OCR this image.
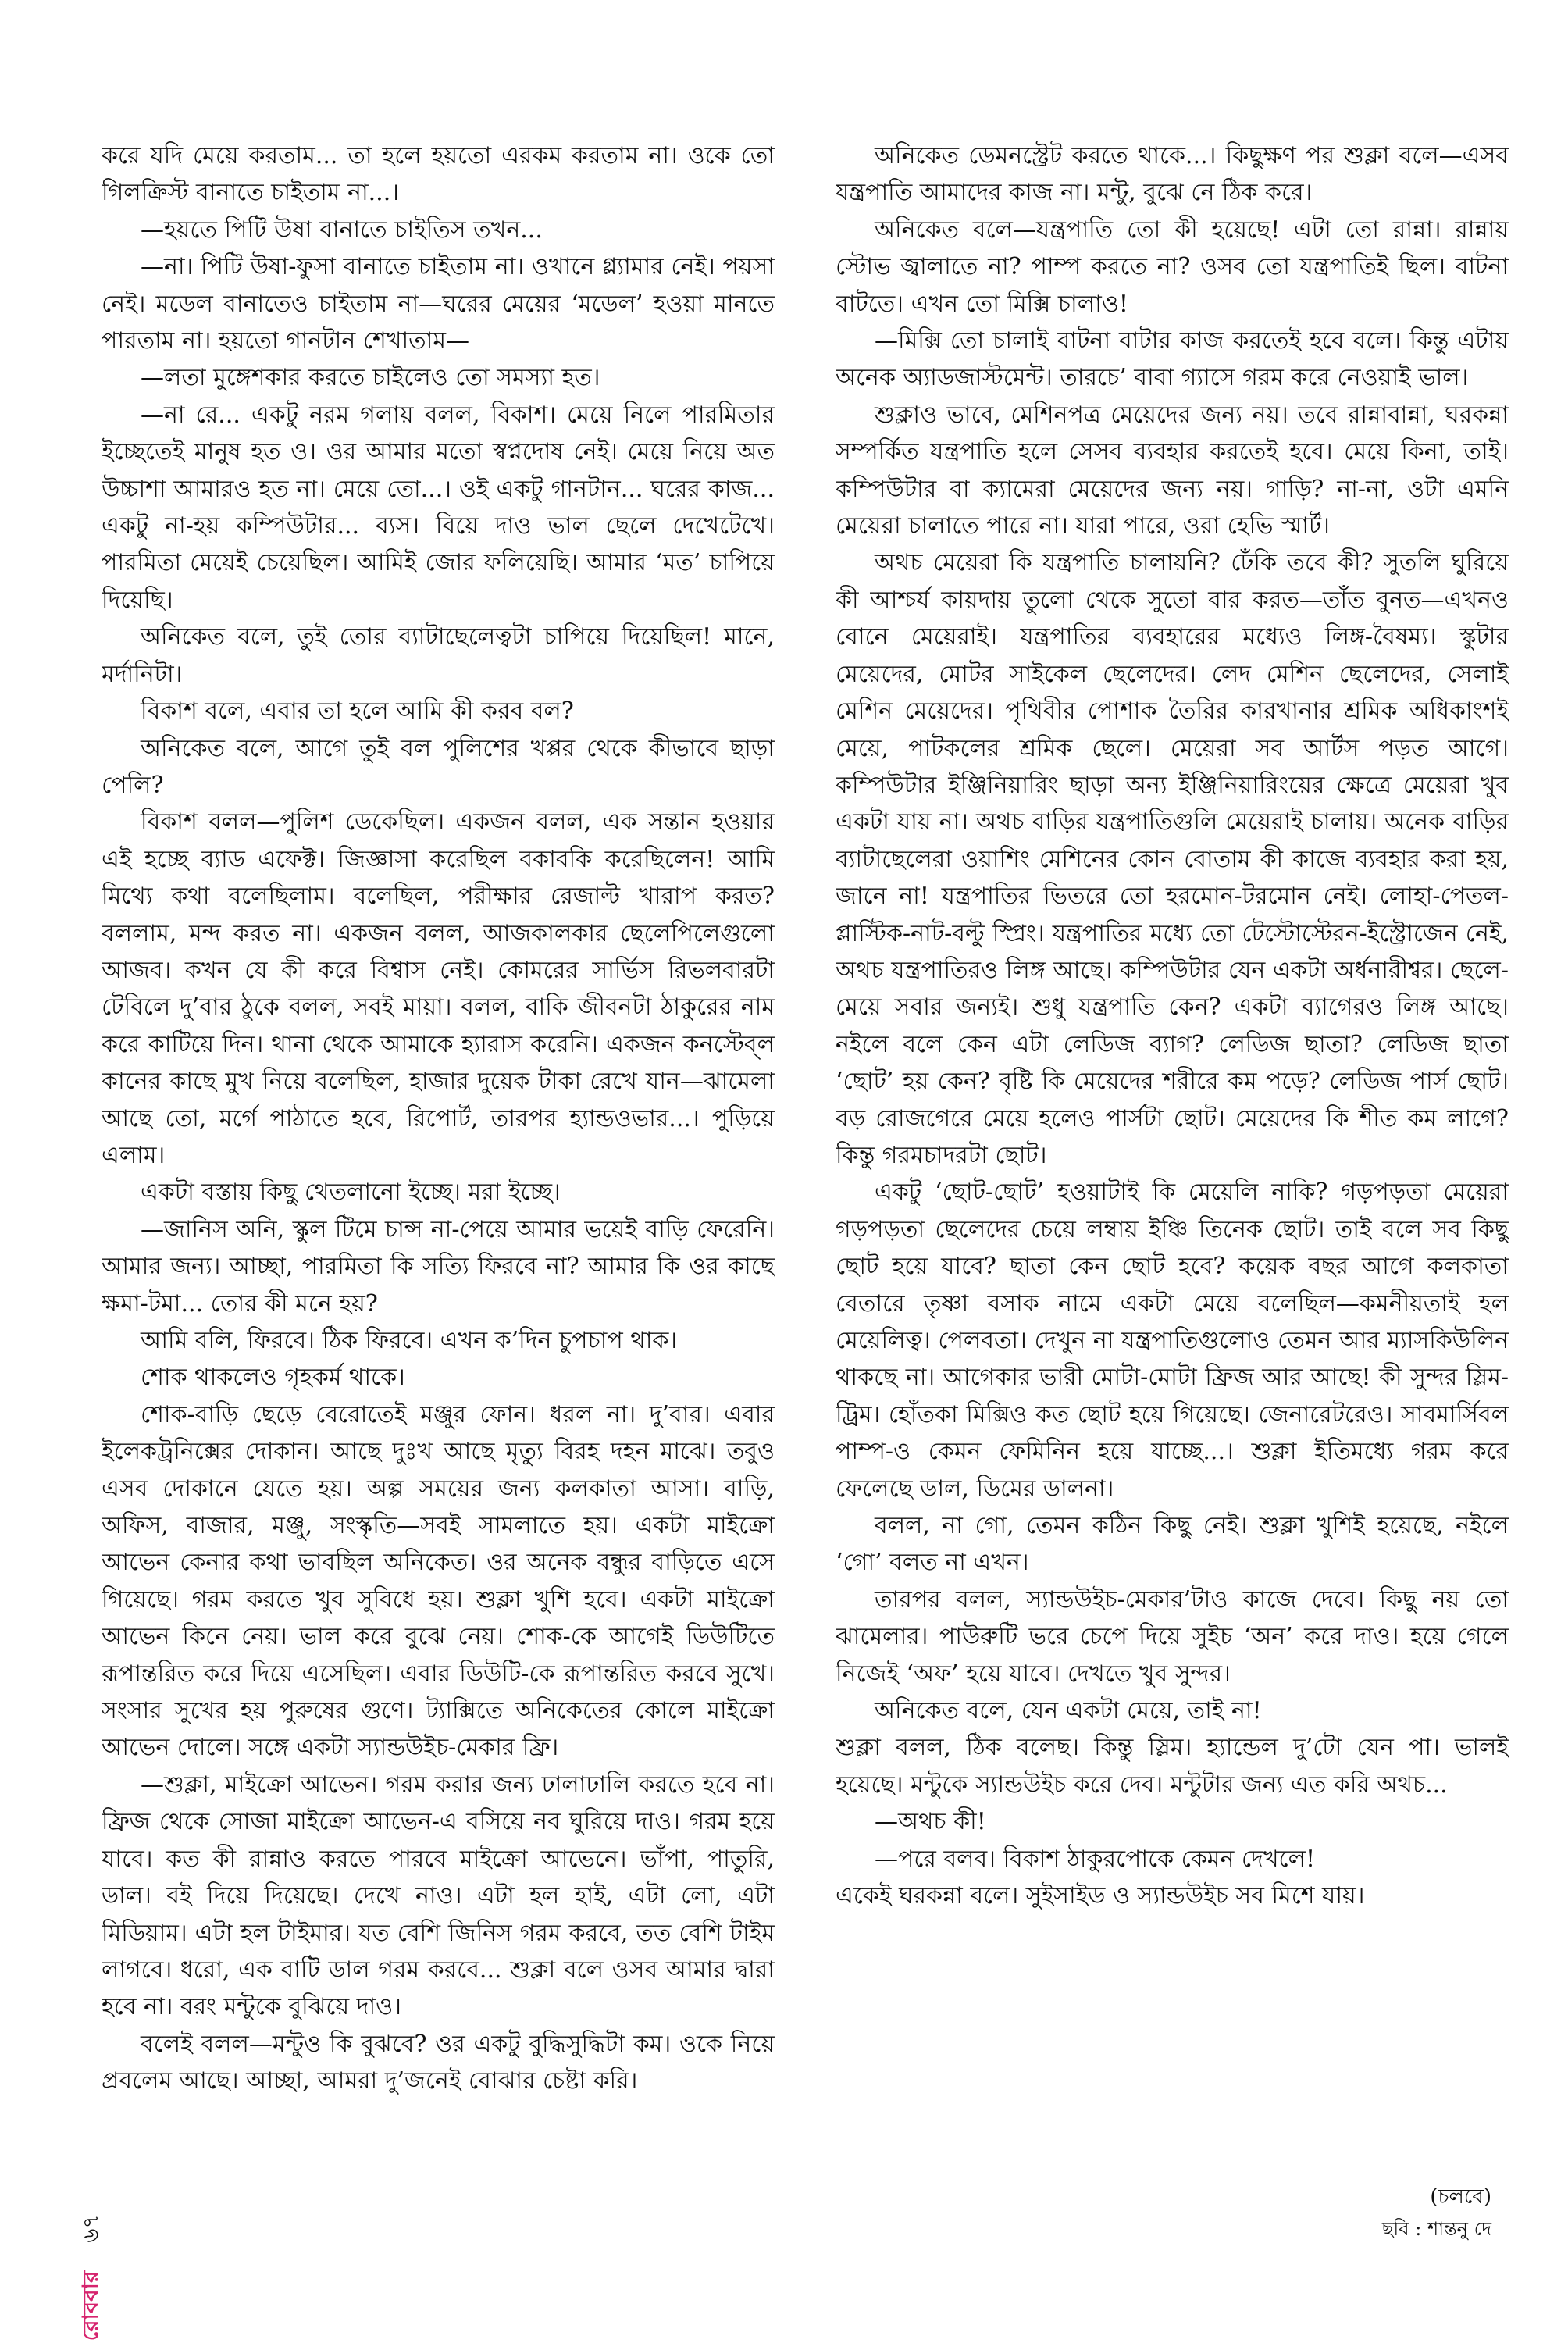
করে যদি মেয়ে করতাম... তা হলে হয়তো এরকম করতাম না। ওকে তো গিলক্রিস্ট বানাতে চাইতাম না...।

—হয়তে পিটি উষা বানাতে চাইতিস তখন...

—না। পিটি উষা-ফুসা বানাতে চাইতাম না। ওখানে গ্ল্যামার নেই। পয়সা নেই। মডেল বানাতেও চাইতাম না—ঘরের মেয়ের ‘মডেল’ হওয়া মানতে পারতাম না। হয়তো গানটান শেখাতাম—

—লতা মুঙ্গেশকার করতে চাইলেও তো সমস্যা হত।

—না রে... একটু নরম গলায় বলল, বিকাশ। মেয়ে নিলে পারমিতার ইচ্ছেতেই মানুষ হত ও। ওর আমার মতো স্বপ্নদোষ নেই। মেয়ে নিয়ে অত উচ্চাশা আমারও হত না। মেয়ে তো...। ওই একটু গানটান... ঘরের কাজ... একটু না-হয় কম্পিউটার... ব্যস। বিয়ে দাও ভাল ছেলে দেখেটেখে। পারমিতা মেয়েই চেয়েছিল। আমিই জোর ফলিয়েছি। আমার ‘মত’ চাপিয়ে দিয়েছি।

অনিকেত বলে, তুই তোর ব্যাটাছেলেত্বটা চাপিয়ে দিয়েছিল! মানে, মর্দানিটা।

বিকাশ বলে, এবার তা হলে আমি কী করব বল?

অনিকেত বলে, আগে তুই বল পুলিশের খপ্পর থেকে কীভাবে ছাড়া পেলি?

বিকাশ বলল—পুলিশ ডেকেছিল। একজন বলল, এক সন্তান হওয়ার এই হচ্ছে ব্যাড এফেক্ট। জিজ্ঞাসা করেছিল বকাবকি করেছিলেন! আমি মিথ্যে কথা বলেছিলাম। বলেছিল, পরীক্ষার রেজাল্ট খারাপ করত? বললাম, মন্দ করত না। একজন বলল, আজকালকার ছেলেপিলেগুলো আজব। কখন যে কী করে বিশ্বাস নেই। কোমরের সার্ভিস রিভলবারটা টেবিলে দু’বার ঠুকে বলল, সবই মায়া। বলল, বাকি জীবনটা ঠাকুরের নাম করে কাটিয়ে দিন। থানা থেকে আমাকে হ্যারাস করেনি। একজন কনস্টেব্‌ল কানের কাছে মুখ নিয়ে বলেছিল, হাজার দুয়েক টাকা রেখে যান—ঝামেলা আছে তো, মর্গে পাঠাতে হবে, রিপোর্ট, তারপর হ্যান্ডওভার...। পুড়িয়ে এলাম।

একটা বস্তায় কিছু থেতলানো ইচ্ছে। মরা ইচ্ছে।

—জানিস অনি, স্কুল টিমে চান্স না-পেয়ে আমার ভয়েই বাড়ি ফেরেনি। আমার জন্য। আচ্ছা, পারমিতা কি সত্যি ফিরবে না? আমার কি ওর কাছে ক্ষমা-টমা... তোর কী মনে হয়?

আমি বলি, ফিরবে। ঠিক ফিরবে। এখন ক’দিন চুপচাপ থাক।

শোক থাকলেও গৃহকর্ম থাকে।

শোক-বাড়ি ছেড়ে বেরোতেই মঞ্জুর ফোন। ধরল না। দু’বার। এবার ইলেকট্রনিক্সের দোকান। আছে দুঃখ আছে মৃত্যু বিরহ দহন মাঝে। তবুও এসব দোকানে যেতে হয়। অল্প সময়ের জন্য কলকাতা আসা। বাড়ি, অফিস, বাজার, মঞ্জু, সংস্কৃতি—সবই সামলাতে হয়। একটা মাইক্রো আভেন কেনার কথা ভাবছিল অনিকেত। ওর অনেক বন্ধুর বাড়িতে এসে গিয়েছে। গরম করতে খুব সুবিধে হয়। শুক্লা খুশি হবে। একটা মাইক্রো আভেন কিনে নেয়। ভাল করে বুঝে নেয়। শোক-কে আগেই ডিউটিতে রূপান্তরিত করে দিয়ে এসেছিল। এবার ডিউটি-কে রূপান্তরিত করবে সুখে। সংসার সুখের হয় পুরুষের গুণে। ট্যাক্সিতে অনিকেতের কোলে মাইক্রো আভেন দোলে। সঙ্গে একটা স্যান্ডউইচ-মেকার ফ্রি।

—শুক্লা, মাইক্রো আভেন। গরম করার জন্য ঢালাঢালি করতে হবে না। ফ্রিজ থেকে সোজা মাইক্রো আভেন-এ বসিয়ে নব ঘুরিয়ে দাও। গরম হয়ে যাবে। কত কী রান্নাও করতে পারবে মাইক্রো আভেনে। ভাঁপা, পাতুরি, ডাল। বই দিয়ে দিয়েছে। দেখে নাও। এটা হল হাই, এটা লো, এটা মিডিয়াম। এটা হল টাইমার। যত বেশি জিনিস গরম করবে, তত বেশি টাইম লাগবে। ধরো, এক বাটি ডাল গরম করবে... শুক্লা বলে ওসব আমার দ্বারা হবে না। বরং মন্টুকে বুঝিয়ে দাও।

বলেই বলল—মন্টুও কি বুঝবে? ওর একটু বুদ্ধিসুদ্ধিটা কম। ওকে নিয়ে প্রবলেম আছে। আচ্ছা, আমরা দু’জনেই বোঝার চেষ্টা করি।

অনিকেত ডেমনস্ট্রেট করতে থাকে...। কিছুক্ষণ পর শুক্লা বলে—এসব যন্ত্রপাতি আমাদের কাজ না। মন্টু, বুঝে নে ঠিক করে।

অনিকেত বলে—যন্ত্রপাতি তো কী হয়েছে! এটা তো রান্না। রান্নায় স্টোভ জ্বালাতে না? পাম্প করতে না? ওসব তো যন্ত্রপাতিই ছিল। বাটনা বাটতে। এখন তো মিক্সি চালাও!

—মিক্সি তো চালাই বাটনা বাটার কাজ করতেই হবে বলে। কিন্তু এটায় অনেক অ্যাডজাস্টমেন্ট। তারচে’ বাবা গ্যাসে গরম করে নেওয়াই ভাল।

শুক্লাও ভাবে, মেশিনপত্র মেয়েদের জন্য নয়। তবে রান্নাবান্না, ঘরকন্না সম্পর্কিত যন্ত্রপাতি হলে সেসব ব্যবহার করতেই হবে। মেয়ে কিনা, তাই। কম্পিউটার বা ক্যামেরা মেয়েদের জন্য নয়। গাড়ি? না-না, ওটা এমনি মেয়েরা চালাতে পারে না। যারা পারে, ওরা হেভি স্মার্ট।

অথচ মেয়েরা কি যন্ত্রপাতি চালায়নি? ঢেঁকি তবে কী? সুতলি ঘুরিয়ে কী আশ্চর্য কায়দায় তুলো থেকে সুতো বার করত—তাঁত বুনত—এখনও বোনে মেয়েরাই। যন্ত্রপাতির ব্যবহারের মধ্যেও লিঙ্গ-বৈষম্য। স্কুটার মেয়েদের, মোটর সাইকেল ছেলেদের। লেদ মেশিন ছেলেদের, সেলাই মেশিন মেয়েদের। পৃথিবীর পোশাক তৈরির কারখানার শ্রমিক অধিকাংশই মেয়ে, পাটকলের শ্রমিক ছেলে। মেয়েরা সব আর্টস পড়ত আগে। কম্পিউটার ইঞ্জিনিয়ারিং ছাড়া অন্য ইঞ্জিনিয়ারিংয়ের ক্ষেত্রে মেয়েরা খুব একটা যায় না। অথচ বাড়ির যন্ত্রপাতিগুলি মেয়েরাই চালায়। অনেক বাড়ির ব্যাটাছেলেরা ওয়াশিং মেশিনের কোন বোতাম কী কাজে ব্যবহার করা হয়, জানে না! যন্ত্রপাতির ভিতরে তো হরমোন-টরমোন নেই। লোহা-পেতল-প্লাস্টিক-নাট-বল্টু স্প্রিং। যন্ত্রপাতির মধ্যে তো টেস্টোস্টেরন-ইস্ট্রোজেন নেই, অথচ যন্ত্রপাতিরও লিঙ্গ আছে। কম্পিউটার যেন একটা অর্ধনারীশ্বর। ছেলে-মেয়ে সবার জন্যই। শুধু যন্ত্রপাতি কেন? একটা ব্যাগেরও লিঙ্গ আছে। নইলে বলে কেন এটা লেডিজ ব্যাগ? লেডিজ ছাতা? লেডিজ ছাতা ‘ছোট’ হয় কেন? বৃষ্টি কি মেয়েদের শরীরে কম পড়ে? লেডিজ পার্স ছোট। বড় রোজগেরে মেয়ে হলেও পার্সটা ছোট। মেয়েদের কি শীত কম লাগে? কিন্তু গরমচাদরটা ছোট।

একটু ‘ছোট-ছোট’ হওয়াটাই কি মেয়েলি নাকি? গড়পড়তা মেয়েরা গড়পড়তা ছেলেদের চেয়ে লম্বায় ইঞ্চি তিনেক ছোট। তাই বলে সব কিছু ছোট হয়ে যাবে? ছাতা কেন ছোট হবে? কয়েক বছর আগে কলকাতা বেতারে তৃষ্ণা বসাক নামে একটা মেয়ে বলেছিল—কমনীয়তাই হল মেয়েলিত্ব। পেলবতা। দেখুন না যন্ত্রপাতিগুলোও তেমন আর ম্যাসকিউলিন থাকছে না। আগেকার ভারী মোটা-মোটা ফ্রিজ আর আছে! কী সুন্দর স্লিম-ট্রিম। হোঁতকা মিক্সিও কত ছোট হয়ে গিয়েছে। জেনারেটরেও। সাবমার্সিবল পাম্প-ও কেমন ফেমিনিন হয়ে যাচ্ছে...। শুক্লা ইতিমধ্যে গরম করে ফেলেছে ডাল, ডিমের ডালনা।

বলল, না গো, তেমন কঠিন কিছু নেই। শুক্লা খুশিই হয়েছে, নইলে ‘গো’ বলত না এখন।

তারপর বলল, স্যান্ডউইচ-মেকার’টাও কাজে দেবে। কিছু নয় তো ঝামেলার। পাউরুটি ভরে চেপে দিয়ে সুইচ ‘অন’ করে দাও। হয়ে গেলে নিজেই ‘অফ’ হয়ে যাবে। দেখতে খুব সুন্দর।

অনিকেত বলে, যেন একটা মেয়ে, তাই না!

শুক্লা বলল, ঠিক বলেছ। কিন্তু স্লিম। হ্যান্ডেল দু’টো যেন পা। ভালই হয়েছে। মন্টুকে স্যান্ডউইচ করে দেব। মন্টুটার জন্য এত করি অথচ...

—অথচ কী!

—পরে বলব। বিকাশ ঠাকুরপোকে কেমন দেখলে!

একেই ঘরকন্না বলে। সুইসাইড ও স্যান্ডউইচ সব মিশে যায়।

(চলবে)
ছবি : শান্তনু দে
৬৭
রোববার
